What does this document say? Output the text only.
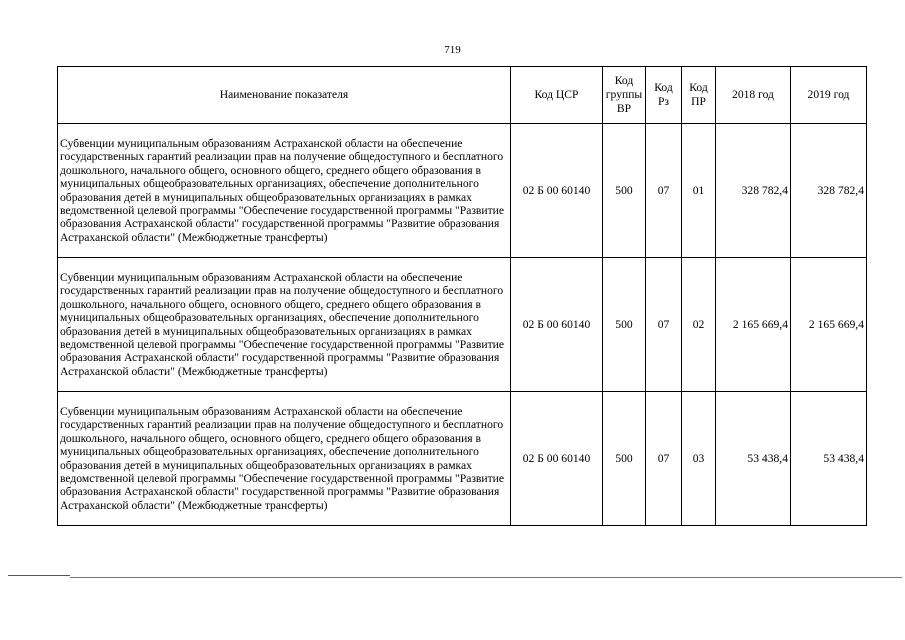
719
Наименование показателя	Код ЦСР	Код группы ВР	Код Рз	Код ПР	2018 год	2019 год
Субвенции муниципальным образованиям Астраханской области на обеспечение государственных гарантий реализации прав на получение общедоступного и бесплатного дошкольного, начального общего, основного общего, среднего общего образования в муниципальных общеобразовательных организациях, обеспечение дополнительного образования детей в муниципальных общеобразовательных организациях в рамках ведомственной целевой программы "Обеспечение государственной программы "Развитие образования Астраханской области" государственной программы "Развитие образования Астраханской области" (Межбюджетные трансферты)	02 Б 00 60140	500	07	01	328 782,4	328 782,4
Субвенции муниципальным образованиям Астраханской области на обеспечение государственных гарантий реализации прав на получение общедоступного и бесплатного дошкольного, начального общего, основного общего, среднего общего образования в муниципальных общеобразовательных организациях, обеспечение дополнительного образования детей в муниципальных общеобразовательных организациях в рамках ведомственной целевой программы "Обеспечение государственной программы "Развитие образования Астраханской области" государственной программы "Развитие образования Астраханской области" (Межбюджетные трансферты)	02 Б 00 60140	500	07	02	2 165 669,4	2 165 669,4
Субвенции муниципальным образованиям Астраханской области на обеспечение государственных гарантий реализации прав на получение общедоступного и бесплатного дошкольного, начального общего, основного общего, среднего общего образования в муниципальных общеобразовательных организациях, обеспечение дополнительного образования детей в муниципальных общеобразовательных организациях в рамках ведомственной целевой программы "Обеспечение государственной программы "Развитие образования Астраханской области" государственной программы "Развитие образования Астраханской области" (Межбюджетные трансферты)	02 Б 00 60140	500	07	03	53 438,4	53 438,4
